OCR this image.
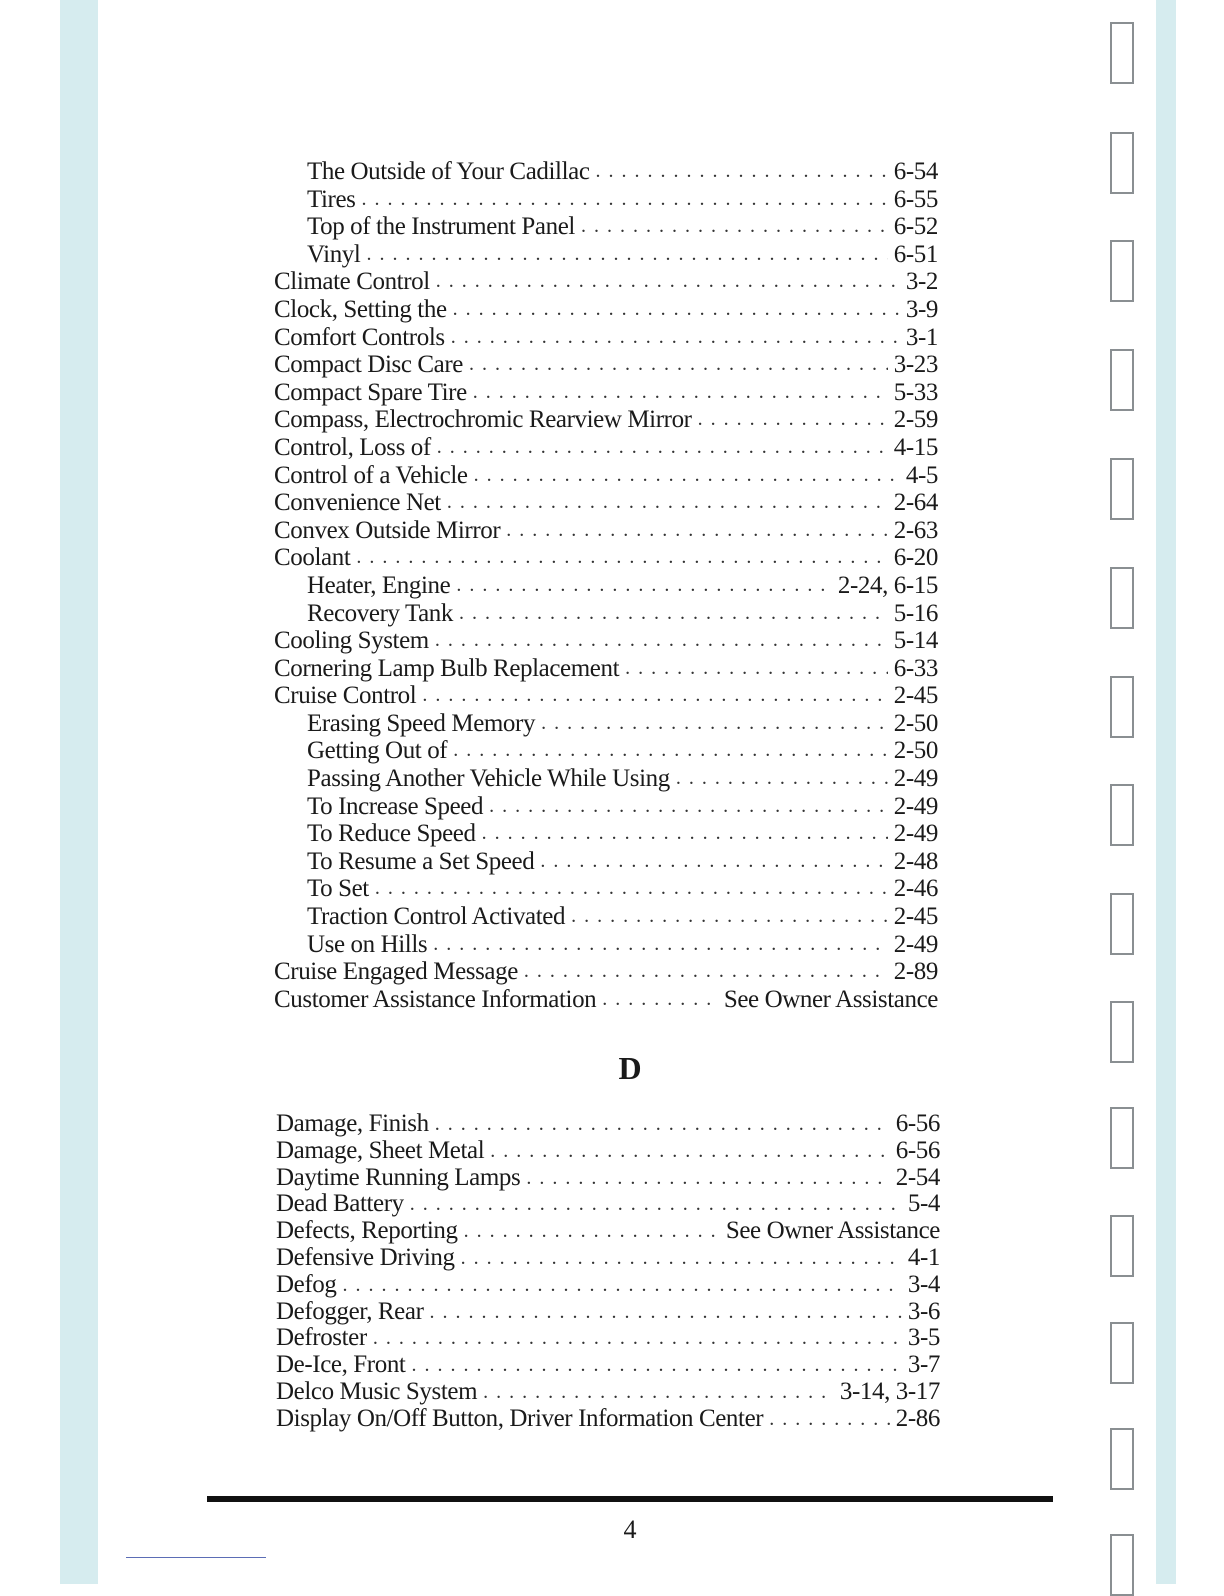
The Outside of Your Cadillac . . .	6-54
Tires . . .	6-55
Top of the Instrument Panel . . .	6-52
Vinyl . . .	6-51
Climate Control . . .	3-2
Clock, Setting the . . .	3-9
Comfort Controls . . .	3-1
Compact Disc Care . . .	3-23
Compact Spare Tire . . .	5-33
Compass, Electrochromic Rearview Mirror . . .	2-59
Control, Loss of . . .	4-15
Control of a Vehicle . . .	4-5
Convenience Net . . .	2-64
Convex Outside Mirror . . .	2-63
Coolant . . .	6-20
Heater, Engine . . .	2-24, 6-15
Recovery Tank . . .	5-16
Cooling System . . .	5-14
Cornering Lamp Bulb Replacement . . .	6-33
Cruise Control . . .	2-45
Erasing Speed Memory . . .	2-50
Getting Out of . . .	2-50
Passing Another Vehicle While Using . . .	2-49
To Increase Speed . . .	2-49
To Reduce Speed . . .	2-49
To Resume a Set Speed . . .	2-48
To Set . . .	2-46
Traction Control Activated . . .	2-45
Use on Hills . . .	2-49
Cruise Engaged Message . . .	2-89
Customer Assistance Information . . .	See Owner Assistance
D
Damage, Finish . . .	6-56
Damage, Sheet Metal . . .	6-56
Daytime Running Lamps . . .	2-54
Dead Battery . . .	5-4
Defects, Reporting . . .	See Owner Assistance
Defensive Driving . . .	4-1
Defog . . .	3-4
Defogger, Rear . . .	3-6
Defroster . . .	3-5
De-Ice, Front . . .	3-7
Delco Music System . . .	3-14, 3-17
Display On/Off Button, Driver Information Center . . .	2-86
4
